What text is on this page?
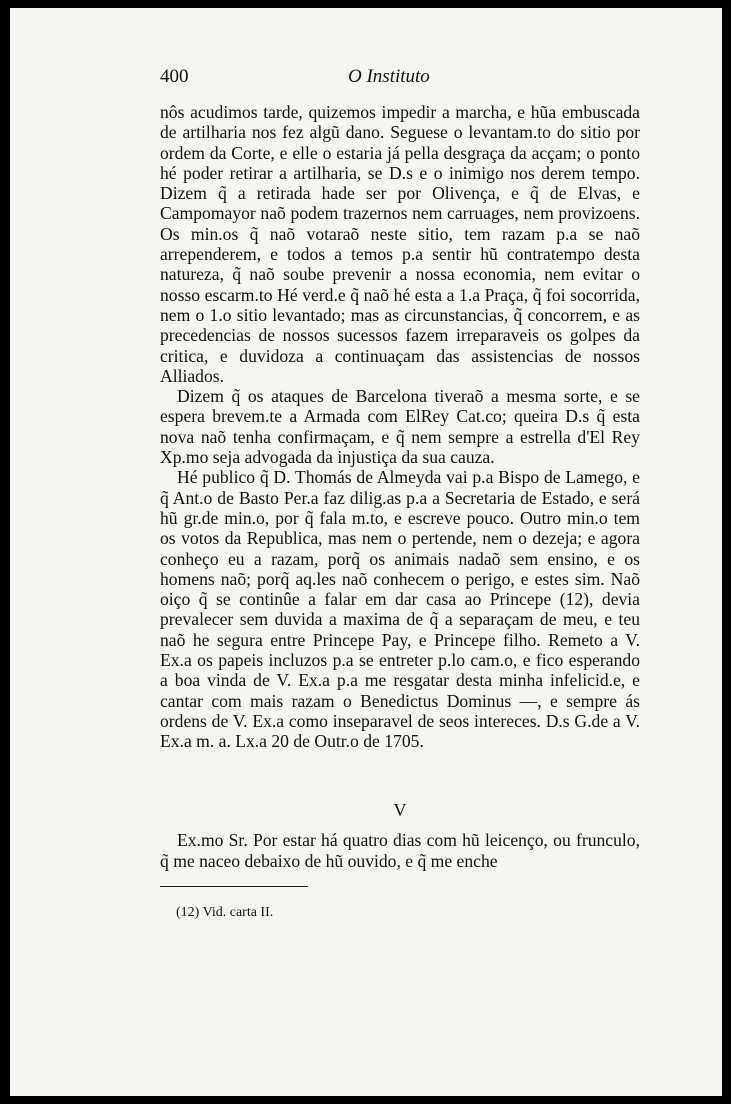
400	O Instituto

nôs acudimos tarde, quizemos impedir a marcha, e hũa embuscada de artilharia nos fez algũ dano. Seguese o levantam.to do sitio por ordem da Corte, e elle o estaria já pella desgraça da acçam; o ponto hé poder retirar a artilharia, se D.s e o inimigo nos derem tempo. Dizem q̃ a retirada hade ser por Olivença, e q̃ de Elvas, e Campomayor naõ podem trazernos nem carruages, nem provizoens. Os min.os q̃ naõ votaraõ neste sitio, tem razam p.a se naõ arrependerem, e todos a temos p.a sentir hũ contratempo desta natureza, q̃ naõ soube prevenir a nossa economia, nem evitar o nosso escarm.to Hé verd.e q̃ naõ hé esta a 1.a Praça, q̃ foi socorrida, nem o 1.o sitio levantado; mas as circunstancias, q̃ concorrem, e as precedencias de nossos sucessos fazem irreparaveis os golpes da critica, e duvidoza a continuaçam das assistencias de nossos Alliados.

Dizem q̃ os ataques de Barcelona tiveraõ a mesma sorte, e se espera brevem.te a Armada com ElRey Cat.co; queira D.s q̃ esta nova naõ tenha confirmaçam, e q̃ nem sempre a estrella d'El Rey Xp.mo seja advogada da injustiça da sua cauza.

Hé publico q̃ D. Thomás de Almeyda vai p.a Bispo de Lamego, e q̃ Ant.o de Basto Per.a faz dilig.as p.a a Secretaria de Estado, e será hũ gr.de min.o, por q̃ fala m.to, e escreve pouco. Outro min.o tem os votos da Republica, mas nem o pertende, nem o dezeja; e agora conheço eu a razam, porq̃ os animais nadaõ sem ensino, e os homens naõ; porq̃ aq.les naõ conhecem o perigo, e estes sim. Naõ oiço q̃ se continûe a falar em dar casa ao Princepe (12), devia prevalecer sem duvida a maxima de q̃ a separaçam de meu, e teu naõ he segura entre Princepe Pay, e Princepe filho. Remeto a V. Ex.a os papeis incluzos p.a se entreter p.lo cam.o, e fico esperando a boa vinda de V. Ex.a p.a me resgatar desta minha infelicid.e, e cantar com mais razam o Benedictus Dominus —, e sempre ás ordens de V. Ex.a como inseparavel de seos intereces. D.s G.de a V. Ex.a m. a. Lx.a 20 de Outr.o de 1705.

V

Ex.mo Sr. Por estar há quatro dias com hũ leicenço, ou frunculo, q̃ me naceo debaixo de hũ ouvido, e q̃ me enche

(12) Vid. carta II.
